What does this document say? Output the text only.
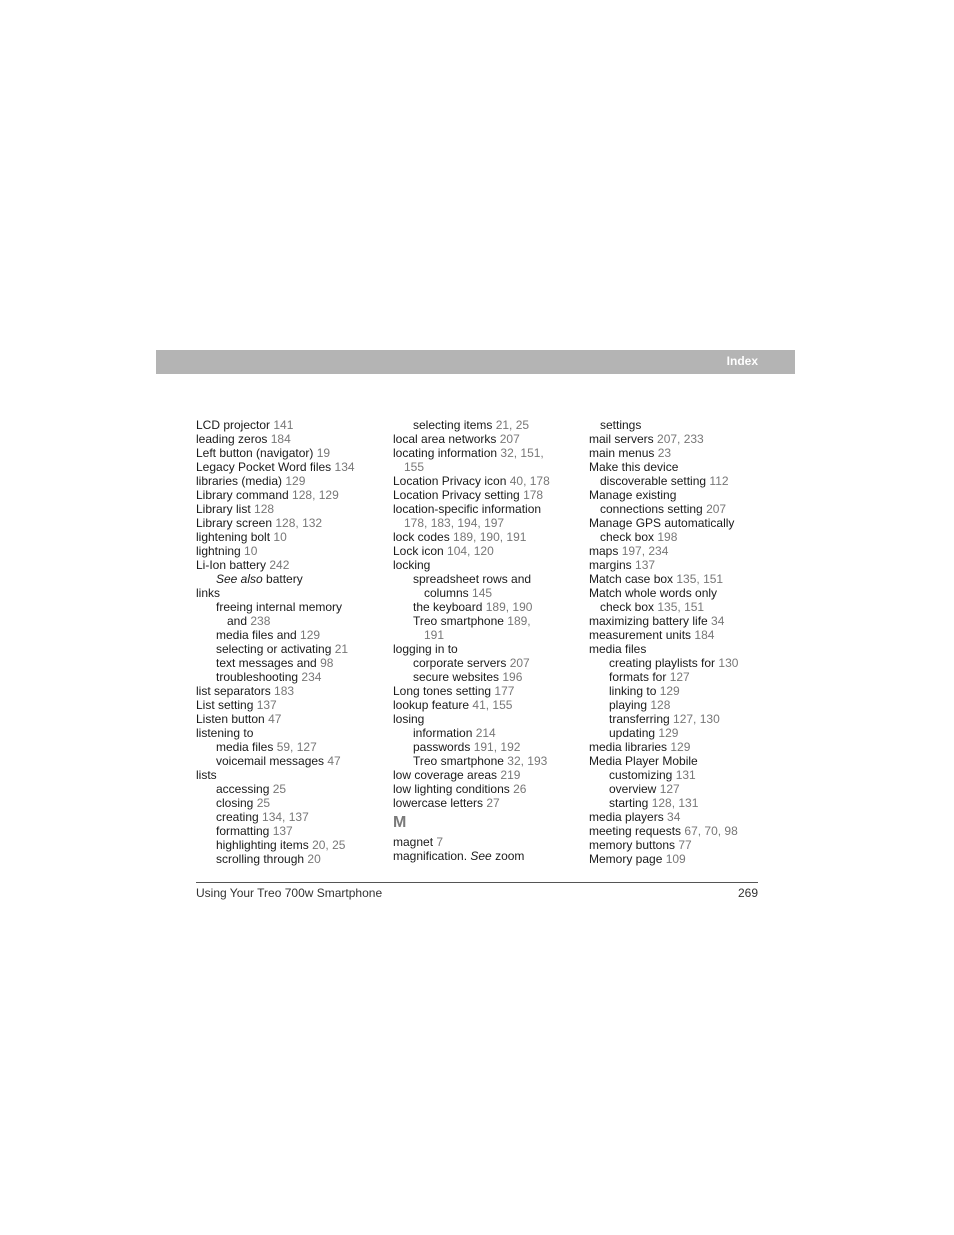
Index
LCD projector 141
leading zeros 184
Left button (navigator) 19
Legacy Pocket Word files 134
libraries (media) 129
Library command 128, 129
Library list 128
Library screen 128, 132
lightening bolt 10
lightning 10
Li-Ion battery 242
See also battery
links
freeing internal memory
and 238
media files and 129
selecting or activating 21
text messages and 98
troubleshooting 234
list separators 183
List setting 137
Listen button 47
listening to
media files 59, 127
voicemail messages 47
lists
accessing 25
closing 25
creating 134, 137
formatting 137
highlighting items 20, 25
scrolling through 20
selecting items 21, 25
local area networks 207
locating information 32, 151,
155
Location Privacy icon 40, 178
Location Privacy setting 178
location-specific information
178, 183, 194, 197
lock codes 189, 190, 191
Lock icon 104, 120
locking
spreadsheet rows and
columns 145
the keyboard 189, 190
Treo smartphone 189,
191
logging in to
corporate servers 207
secure websites 196
Long tones setting 177
lookup feature 41, 155
losing
information 214
passwords 191, 192
Treo smartphone 32, 193
low coverage areas 219
low lighting conditions 26
lowercase letters 27
M
magnet 7
magnification. See zoom
settings
mail servers 207, 233
main menus 23
Make this device
discoverable setting 112
Manage existing
connections setting 207
Manage GPS automatically
check box 198
maps 197, 234
margins 137
Match case box 135, 151
Match whole words only
check box 135, 151
maximizing battery life 34
measurement units 184
media files
creating playlists for 130
formats for 127
linking to 129
playing 128
transferring 127, 130
updating 129
media libraries 129
Media Player Mobile
customizing 131
overview 127
starting 128, 131
media players 34
meeting requests 67, 70, 98
memory buttons 77
Memory page 109
Using Your Treo 700w Smartphone	269
